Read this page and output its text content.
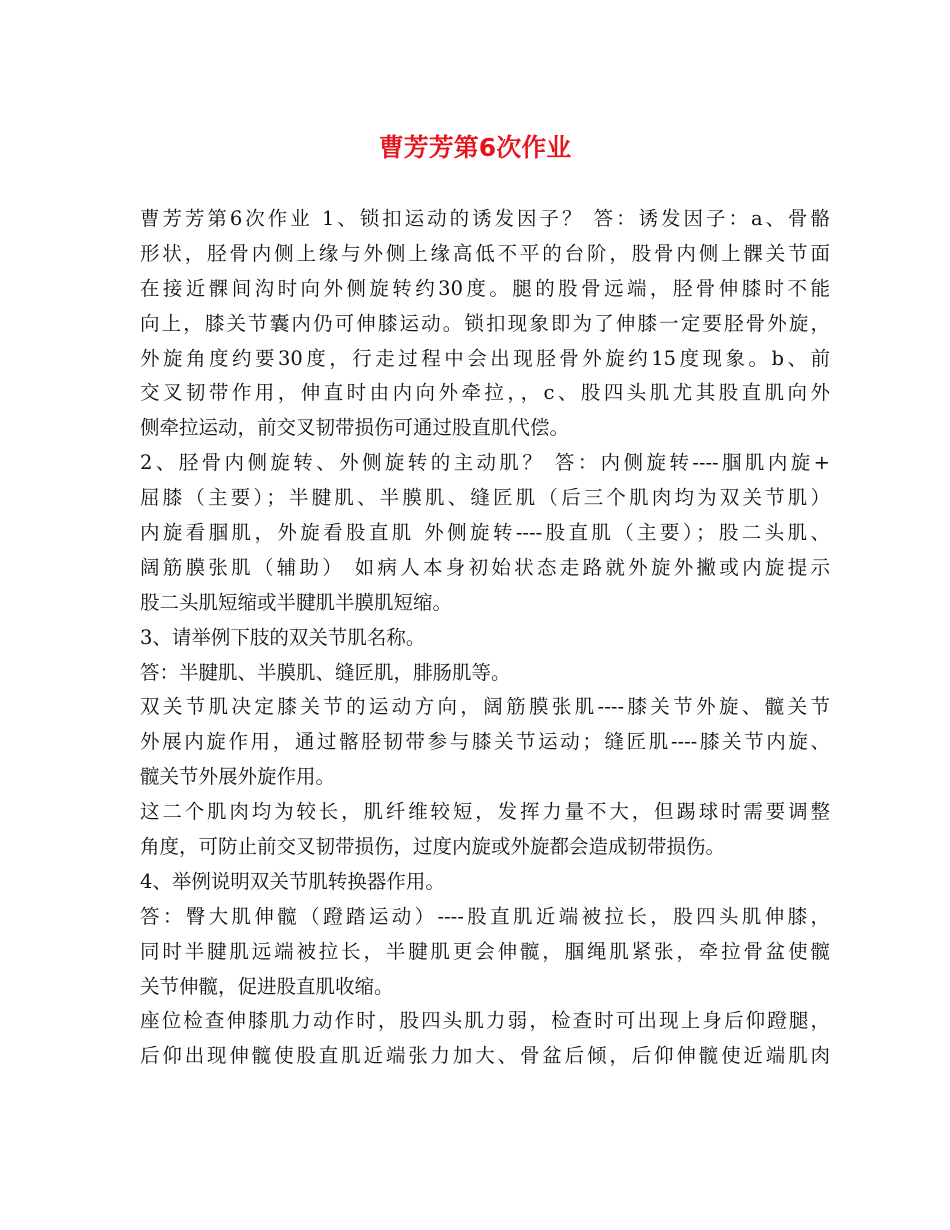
曹芳芳第6次作业
曹芳芳第6次作业 1、锁扣运动的诱发因子？ 答：诱发因子：a、骨骼
形状，胫骨内侧上缘与外侧上缘高低不平的台阶，股骨内侧上髁关节面
在接近髁间沟时向外侧旋转约30度。腿的股骨远端，胫骨伸膝时不能
向上，膝关节囊内仍可伸膝运动。锁扣现象即为了伸膝一定要胫骨外旋，
外旋角度约要30度，行走过程中会出现胫骨外旋约15度现象。b、前
交叉韧带作用，伸直时由内向外牵拉，，c、股四头肌尤其股直肌向外
侧牵拉运动，前交叉韧带损伤可通过股直肌代偿。
2、胫骨内侧旋转、外侧旋转的主动肌？ 答：内侧旋转----腘肌内旋+
屈膝（主要）；半腱肌、半膜肌、缝匠肌（后三个肌肉均为双关节肌）
内旋看腘肌，外旋看股直肌 外侧旋转----股直肌（主要）；股二头肌、
阔筋膜张肌（辅助） 如病人本身初始状态走路就外旋外撇或内旋提示
股二头肌短缩或半腱肌半膜肌短缩。
3、请举例下肢的双关节肌名称。
答：半腱肌、半膜肌、缝匠肌，腓肠肌等。
双关节肌决定膝关节的运动方向，阔筋膜张肌----膝关节外旋、髋关节
外展内旋作用，通过髂胫韧带参与膝关节运动；缝匠肌----膝关节内旋、
髋关节外展外旋作用。
这二个肌肉均为较长，肌纤维较短，发挥力量不大，但踢球时需要调整
角度，可防止前交叉韧带损伤，过度内旋或外旋都会造成韧带损伤。
4、举例说明双关节肌转换器作用。
答：臀大肌伸髋（蹬踏运动）----股直肌近端被拉长，股四头肌伸膝，
同时半腱肌远端被拉长，半腱肌更会伸髋，腘绳肌紧张，牵拉骨盆使髋
关节伸髋，促进股直肌收缩。
座位检查伸膝肌力动作时，股四头肌力弱，检查时可出现上身后仰蹬腿，
后仰出现伸髋使股直肌近端张力加大、骨盆后倾，后仰伸髋使近端肌肉
